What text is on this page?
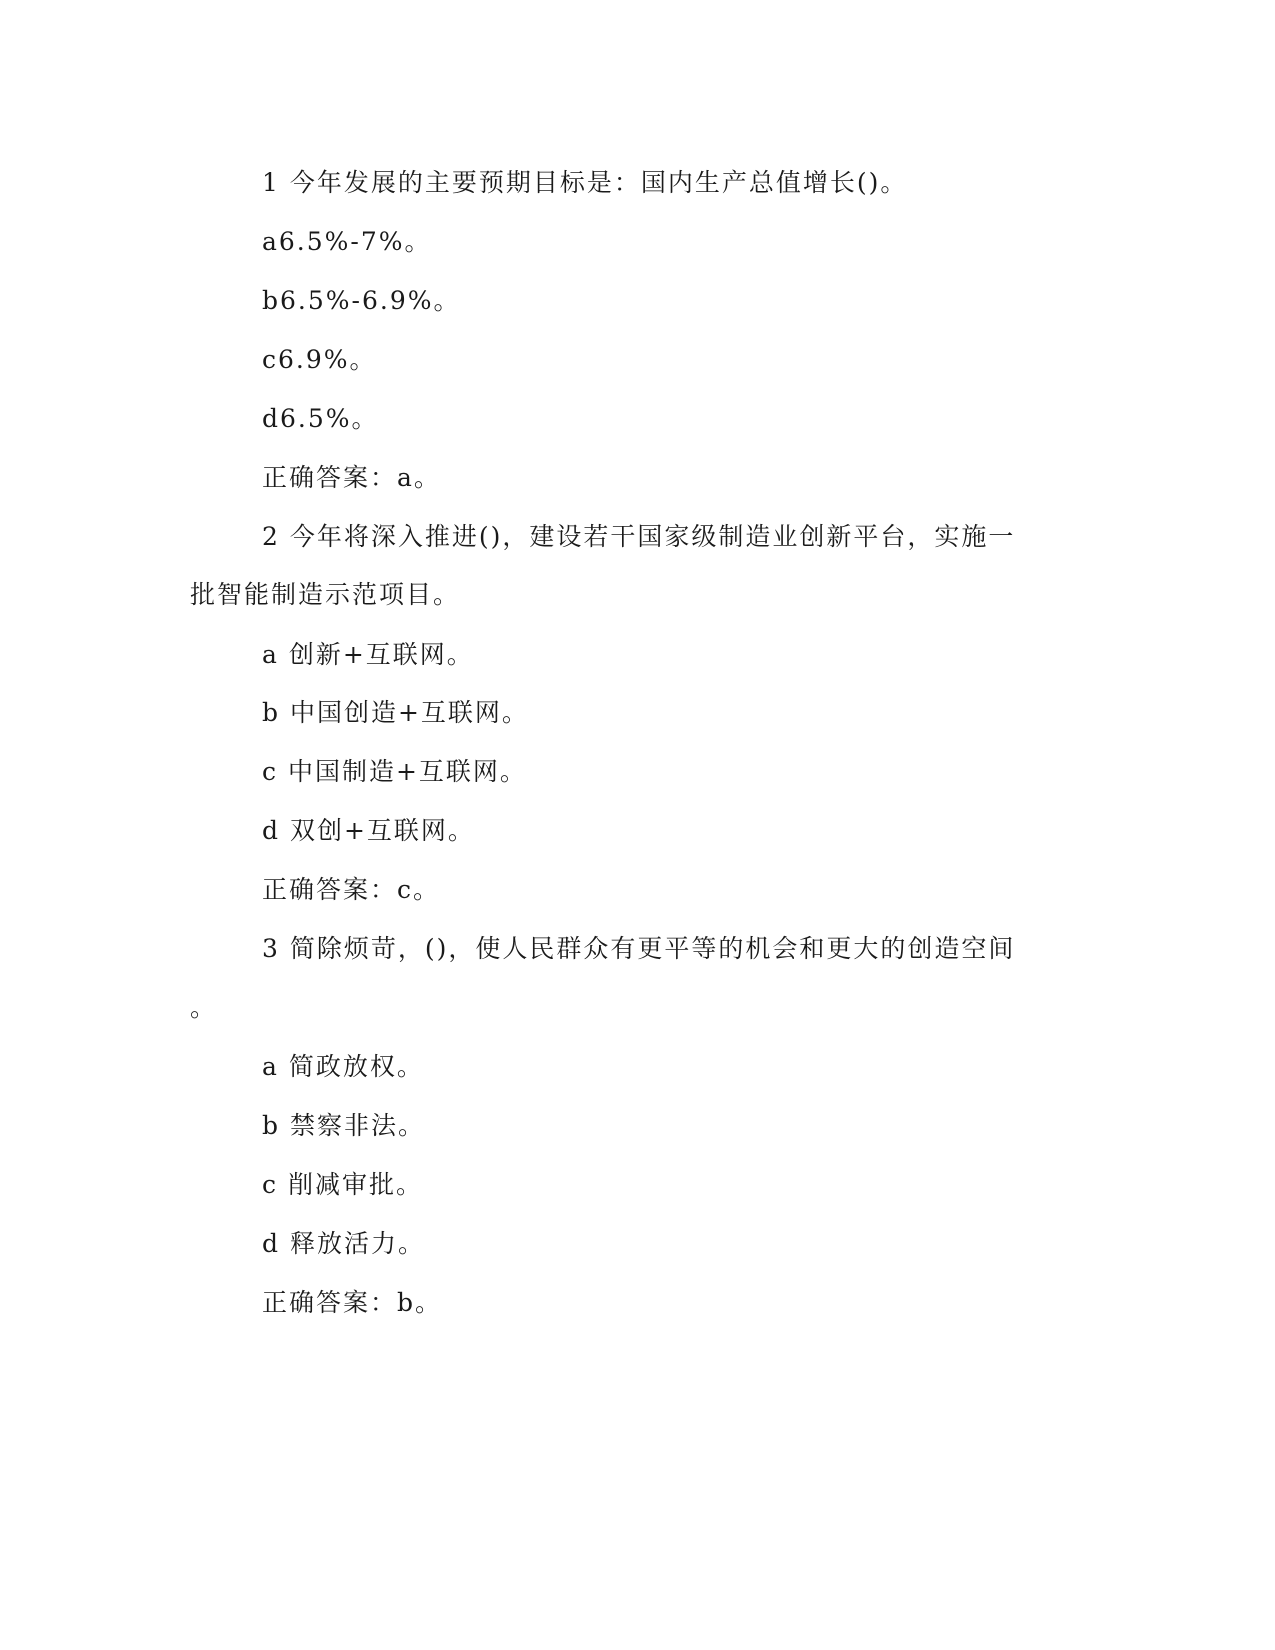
1 今年发展的主要预期目标是：国内生产总值增长()。
a6.5%-7%。
b6.5%-6.9%。
c6.9%。
d6.5%。
正确答案：a。
2 今年将深入推进()，建设若干国家级制造业创新平台，实施一
批智能制造示范项目。
a 创新+互联网。
b 中国创造+互联网。
c 中国制造+互联网。
d 双创+互联网。
正确答案：c。
3 简除烦苛，()，使人民群众有更平等的机会和更大的创造空间
。
a 简政放权。
b 禁察非法。
c 削减审批。
d 释放活力。
正确答案：b。
